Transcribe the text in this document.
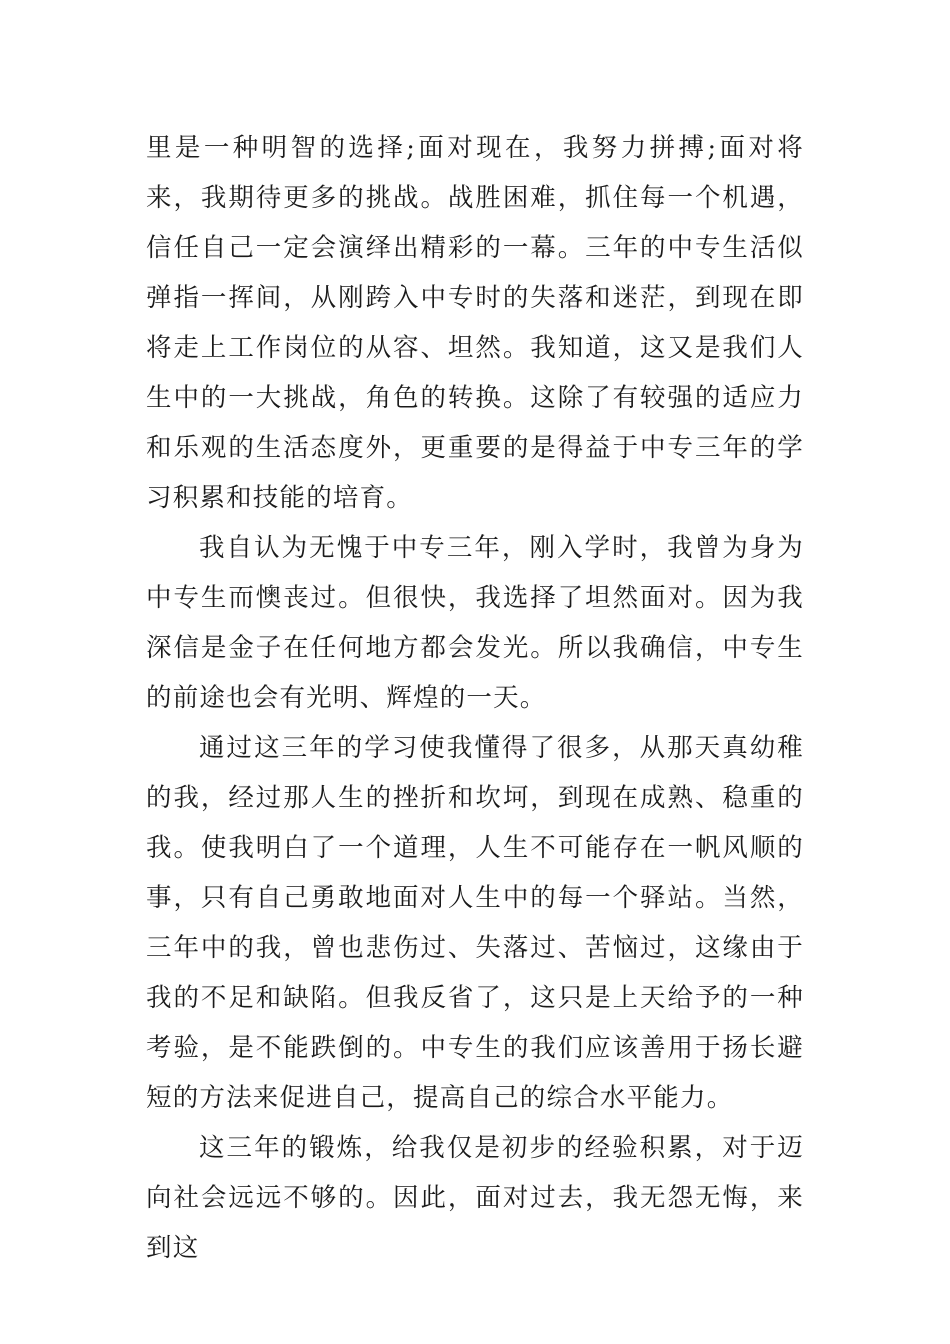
里是一种明智的选择;面对现在，我努力拼搏;面对将来，我期待更多的挑战。战胜困难，抓住每一个机遇，信任自己一定会演绎出精彩的一幕。三年的中专生活似弹指一挥间，从刚跨入中专时的失落和迷茫，到现在即将走上工作岗位的从容、坦然。我知道，这又是我们人生中的一大挑战，角色的转换。这除了有较强的适应力和乐观的生活态度外，更重要的是得益于中专三年的学习积累和技能的培育。

我自认为无愧于中专三年，刚入学时，我曾为身为中专生而懊丧过。但很快，我选择了坦然面对。因为我深信是金子在任何地方都会发光。所以我确信，中专生的前途也会有光明、辉煌的一天。

通过这三年的学习使我懂得了很多，从那天真幼稚的我，经过那人生的挫折和坎坷，到现在成熟、稳重的我。使我明白了一个道理，人生不可能存在一帆风顺的事，只有自己勇敢地面对人生中的每一个驿站。当然，三年中的我，曾也悲伤过、失落过、苦恼过，这缘由于我的不足和缺陷。但我反省了，这只是上天给予的一种考验，是不能跌倒的。中专生的我们应该善用于扬长避短的方法来促进自己，提高自己的综合水平能力。

这三年的锻炼，给我仅是初步的经验积累，对于迈向社会远远不够的。因此，面对过去，我无怨无悔，来到这
